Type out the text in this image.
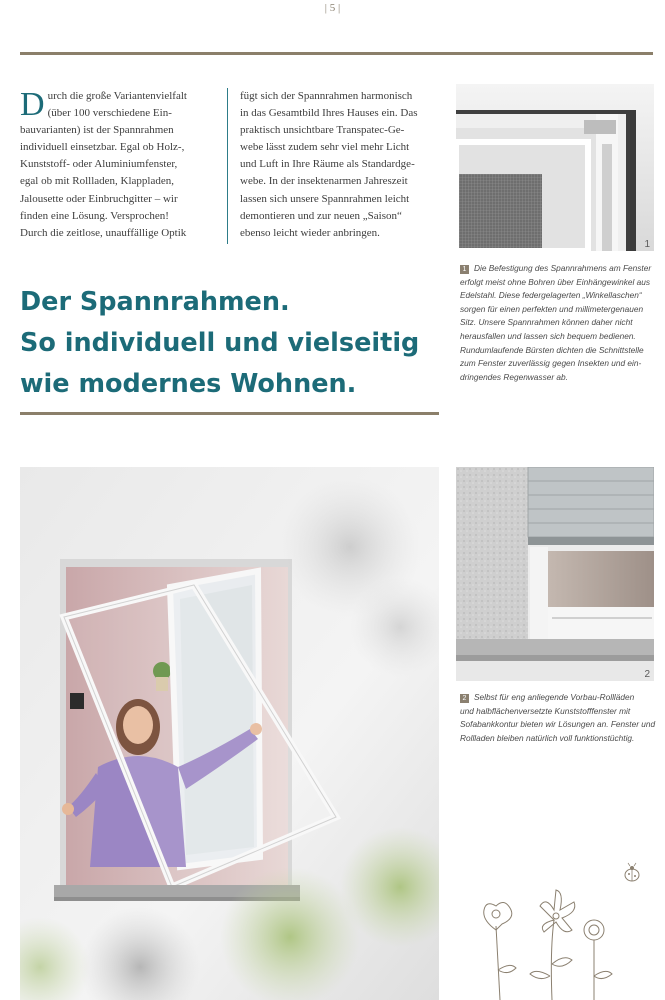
| 5 |
D urch die große Variantenvielfalt
(über 100 verschiedene Ein-
bauvarianten) ist der Spannrahmen
individuell einsetzbar. Egal ob Holz-,
Kunststoff- oder Aluminiumfenster,
egal ob mit Rollladen, Klappladen,
Jalousette oder Einbruchgitter – wir
finden eine Lösung. Versprochen!
Durch die zeitlose, unauffällige Optik
fügt sich der Spannrahmen harmonisch
in das Gesamtbild Ihres Hauses ein. Das
praktisch unsichtbare Transpatec-Ge-
webe lässt zudem sehr viel mehr Licht
und Luft in Ihre Räume als Standardge-
webe. In der insektenarmen Jahreszeit
lassen sich unsere Spannrahmen leicht
demontieren und zur neuen „Saison“
ebenso leicht wieder anbringen.
Der Spannrahmen.
So individuell und vielseitig
wie modernes Wohnen.
1
1 Die Befestigung des Spannrahmens am Fenster
erfolgt meist ohne Bohren über Einhängewinkel aus
Edelstahl. Diese federgelagerten „Winkellaschen“
sorgen für einen perfekten und millimetergenauen
Sitz. Unsere Spannrahmen können daher nicht
herausfallen und lassen sich bequem bedienen.
Rundumlaufende Bürsten dichten die Schnittstelle
zum Fenster zuverlässig gegen Insekten und ein-
dringendes Regenwasser ab.
2
2 Selbst für eng anliegende Vorbau-Rollläden
und halbflächenversetzte Kunststofffenster mit
Sofabankkontur bieten wir Lösungen an. Fenster und
Rollladen bleiben natürlich voll funktionstüchtig.
